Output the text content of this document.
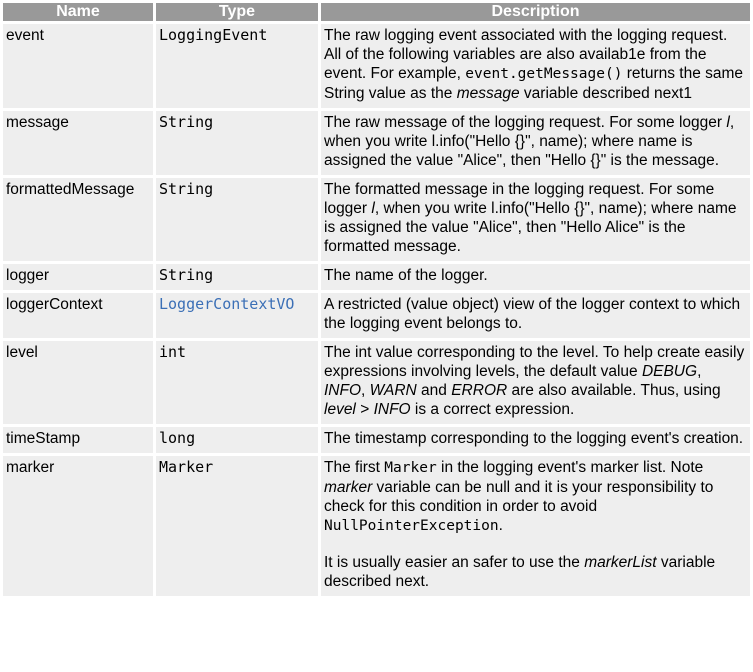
Name	Type	Description
event	LoggingEvent	The raw logging event associated with the logging request. All of the following variables are also availab1e from the event. For example, event.getMessage() returns the same String value as the message variable described next1
message	String	The raw message of the logging request. For some logger l, when you write l.info("Hello {}", name); where name is assigned the value "Alice", then "Hello {}" is the message.
formattedMessage	String	The formatted message in the logging request. For some logger l, when you write l.info("Hello {}", name); where name is assigned the value "Alice", then "Hello Alice" is the formatted message.
logger	String	The name of the logger.
loggerContext	LoggerContextVO	A restricted (value object) view of the logger context to which the logging event belongs to.
level	int	The int value corresponding to the level. To help create easily expressions involving levels, the default value DEBUG, INFO, WARN and ERROR are also available. Thus, using level > INFO is a correct expression.
timeStamp	long	The timestamp corresponding to the logging event's creation.
marker	Marker	The first Marker in the logging event's marker list. Note marker variable can be null and it is your responsibility to check for this condition in order to avoid NullPointerException.

It is usually easier an safer to use the markerList variable described next.
